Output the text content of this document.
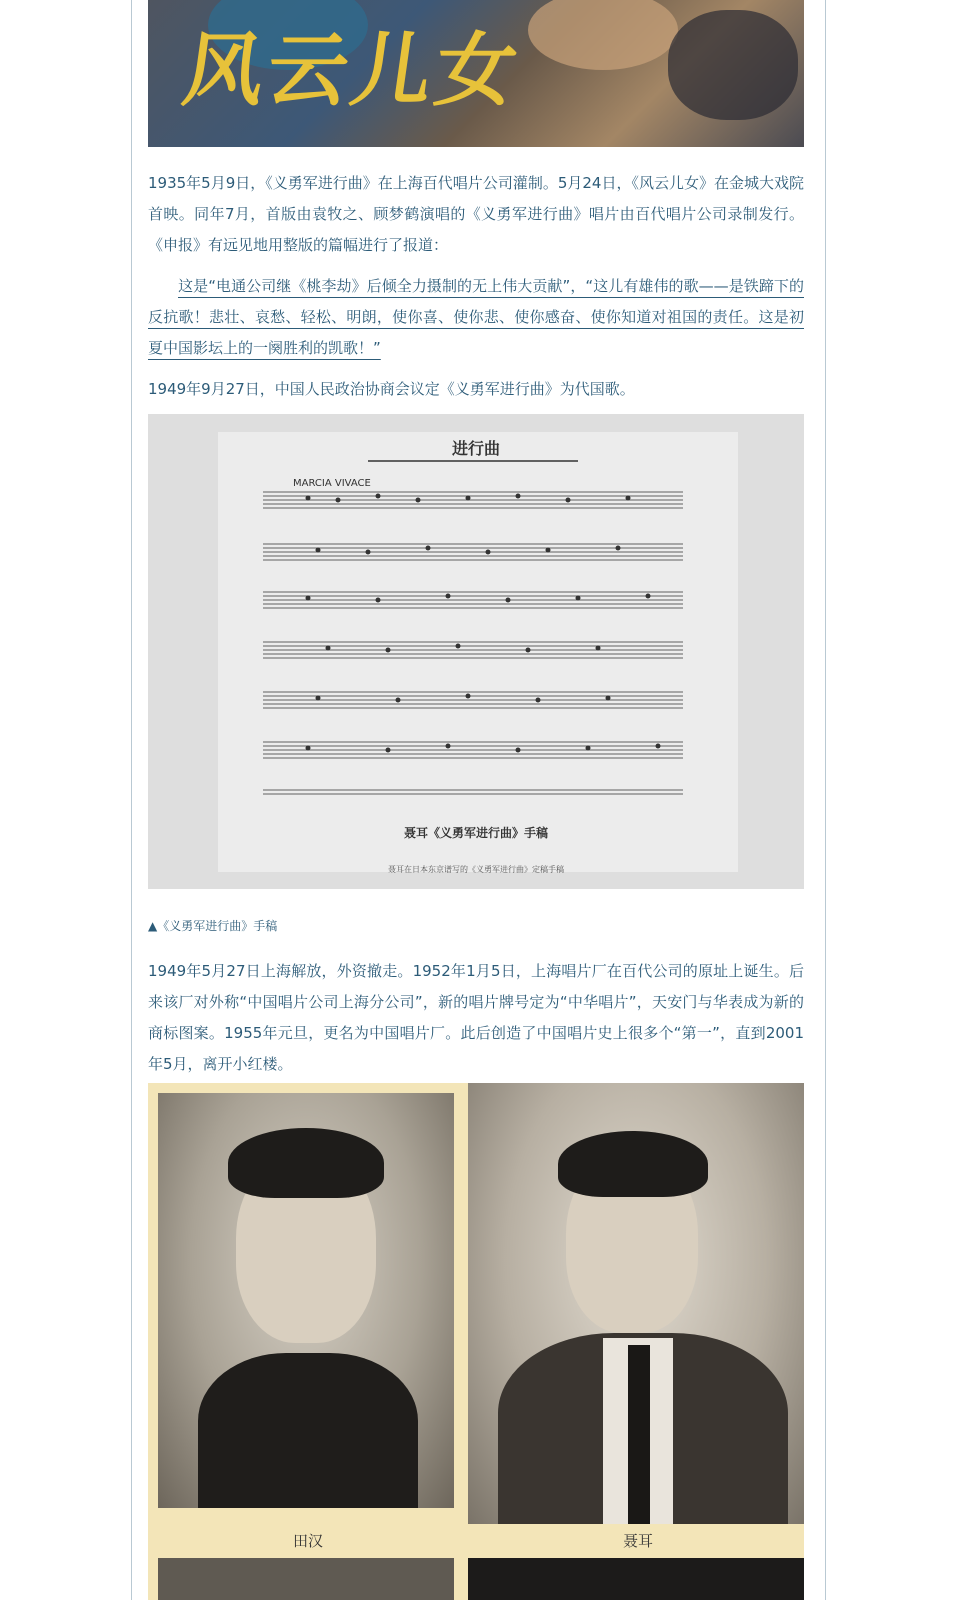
风云儿女
1935年5月9日，《义勇军进行曲》在上海百代唱片公司灌制。5月24日，《风云儿女》在金城大戏院首映。同年7月，首版由袁牧之、顾梦鹤演唱的《义勇军进行曲》唱片由百代唱片公司录制发行。《申报》有远见地用整版的篇幅进行了报道：
这是“电通公司继《桃李劫》后倾全力摄制的无上伟大贡献”，“这儿有雄伟的歌——是铁蹄下的反抗歌！悲壮、哀愁、轻松、明朗，使你喜、使你悲、使你感奋、使你知道对祖国的责任。这是初夏中国影坛上的一阕胜利的凯歌！”
1949年9月27日，中国人民政治协商会议定《义勇军进行曲》为代国歌。
进行曲
MARCIA VIVACE
聂耳《义勇军进行曲》手稿
聂耳在日本东京谱写的《义勇军进行曲》定稿手稿
▲《义勇军进行曲》手稿
1949年5月27日上海解放，外资撤走。1952年1月5日，上海唱片厂在百代公司的原址上诞生。后来该厂对外称“中国唱片公司上海分公司”，新的唱片牌号定为“中华唱片”，天安门与华表成为新的商标图案。1955年元旦，更名为中国唱片厂。此后创造了中国唱片史上很多个“第一”，直到2001年5月，离开小红楼。
田汉	聂耳
